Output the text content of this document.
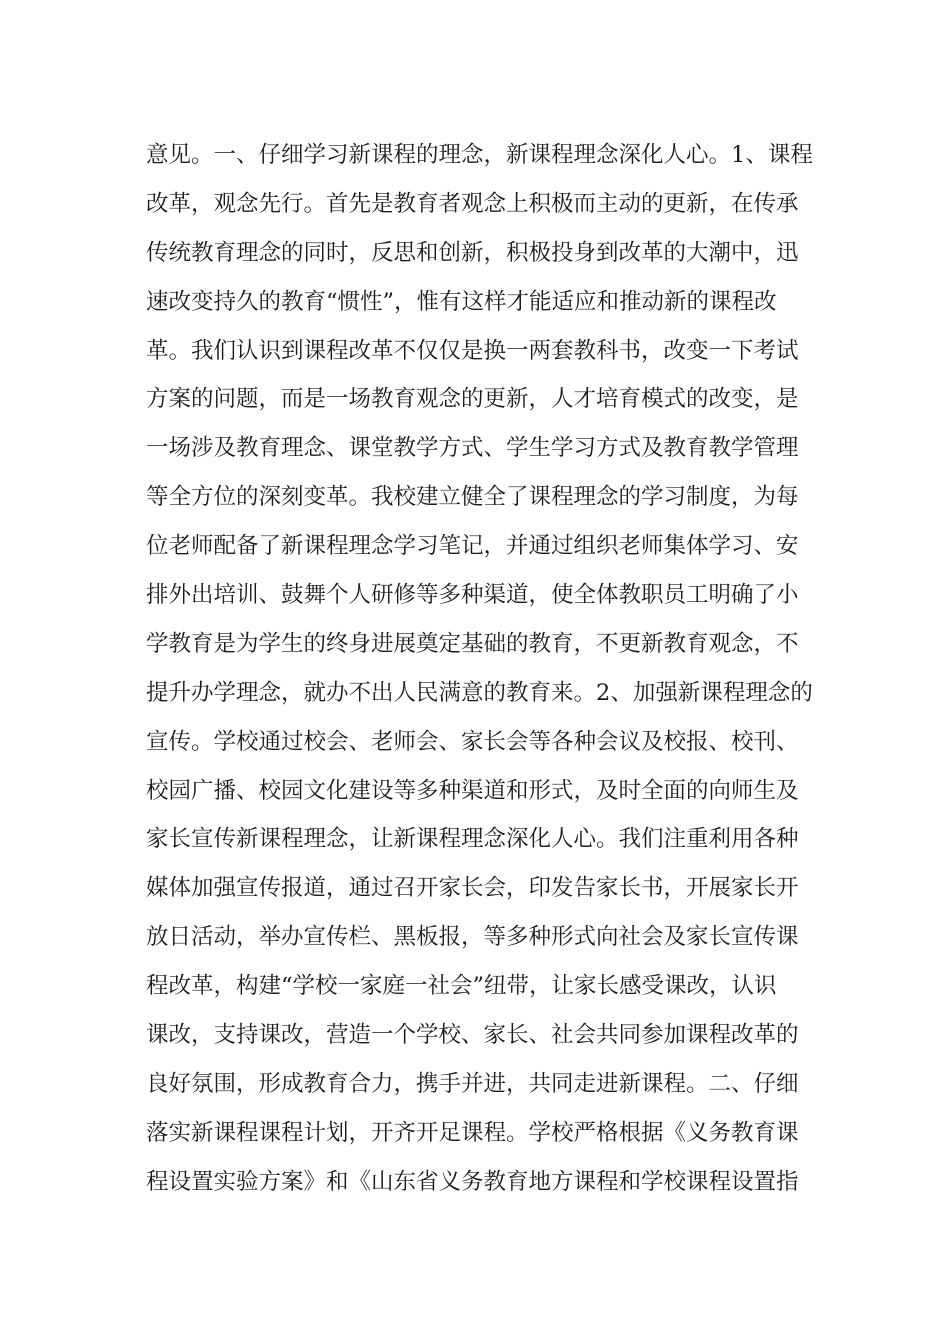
意见。一、仔细学习新课程的理念，新课程理念深化人心。1、课程
改革，观念先行。首先是教育者观念上积极而主动的更新，在传承
传统教育理念的同时，反思和创新，积极投身到改革的大潮中，迅
速改变持久的教育“惯性”，惟有这样才能适应和推动新的课程改
革。我们认识到课程改革不仅仅是换一两套教科书，改变一下考试
方案的问题，而是一场教育观念的更新，人才培育模式的改变，是
一场涉及教育理念、课堂教学方式、学生学习方式及教育教学管理
等全方位的深刻变革。我校建立健全了课程理念的学习制度，为每
位老师配备了新课程理念学习笔记，并通过组织老师集体学习、安
排外出培训、鼓舞个人研修等多种渠道，使全体教职员工明确了小
学教育是为学生的终身进展奠定基础的教育，不更新教育观念，不
提升办学理念，就办不出人民满意的教育来。2、加强新课程理念的
宣传。学校通过校会、老师会、家长会等各种会议及校报、校刊、
校园广播、校园文化建设等多种渠道和形式，及时全面的向师生及
家长宣传新课程理念，让新课程理念深化人心。我们注重利用各种
媒体加强宣传报道，通过召开家长会，印发告家长书，开展家长开
放日活动，举办宣传栏、黑板报，等多种形式向社会及家长宣传课
程改革，构建“学校一家庭一社会”纽带，让家长感受课改，认识
课改，支持课改，营造一个学校、家长、社会共同参加课程改革的
良好氛围，形成教育合力，携手并进，共同走进新课程。二、仔细
落实新课程课程计划，开齐开足课程。学校严格根据《义务教育课
程设置实验方案》和《山东省义务教育地方课程和学校课程设置指
